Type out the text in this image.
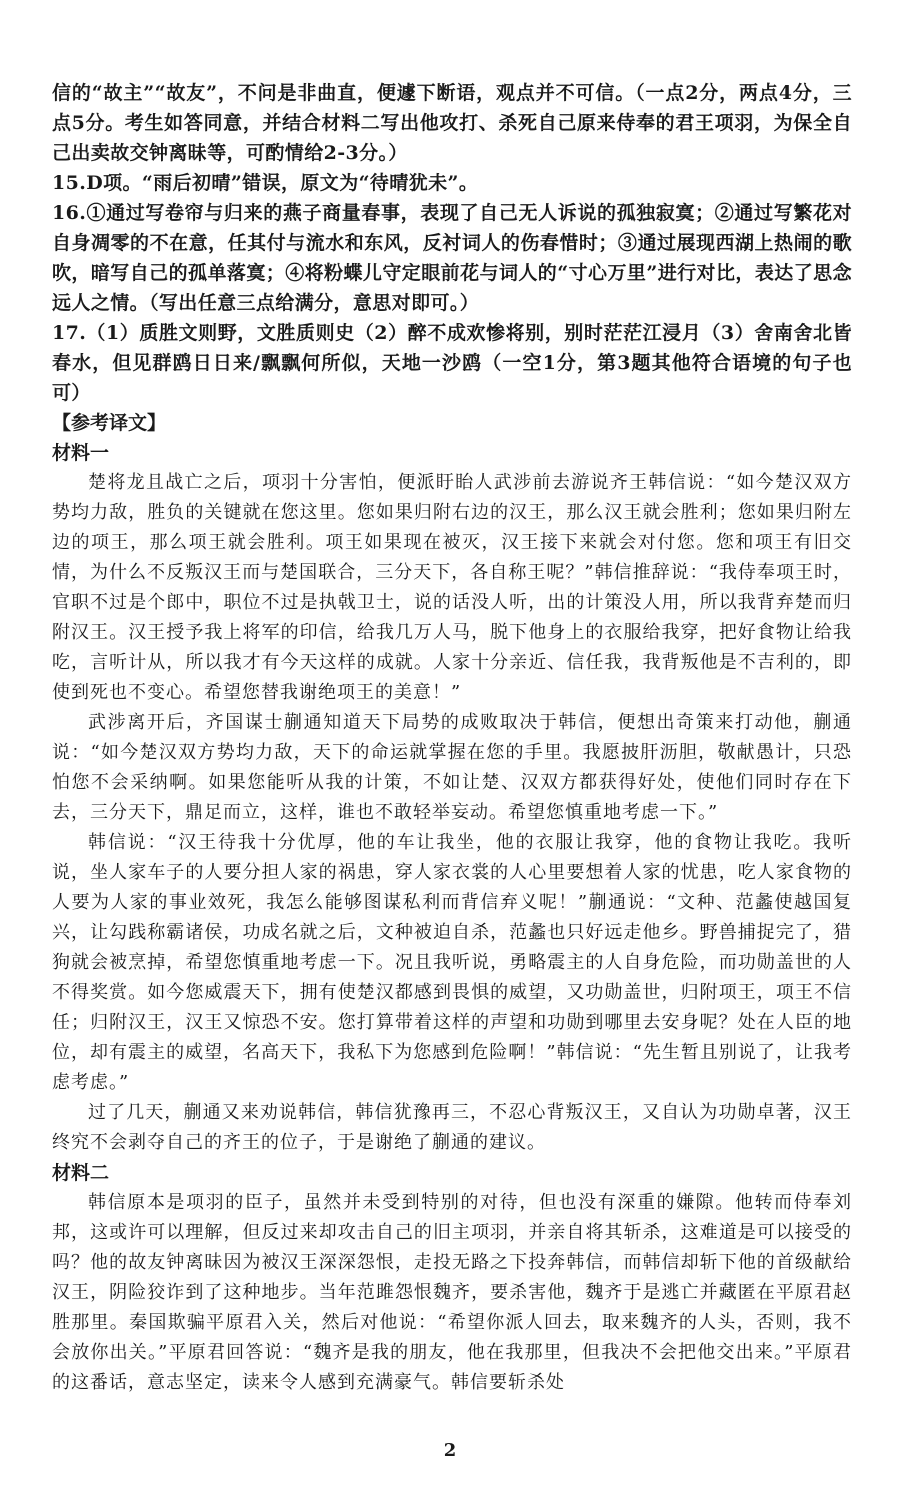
信的“故主”“故友”，不问是非曲直，便遽下断语，观点并不可信。（一点2分，两点4分，三点5分。考生如答同意，并结合材料二写出他攻打、杀死自己原来侍奉的君王项羽，为保全自己出卖故交钟离昧等，可酌情给2-3分。）

15.D项。“雨后初晴”错误，原文为“待晴犹未”。

16.①通过写卷帘与归来的燕子商量春事，表现了自己无人诉说的孤独寂寞；②通过写繁花对自身凋零的不在意，任其付与流水和东风，反衬词人的伤春惜时；③通过展现西湖上热闹的歌吹，暗写自己的孤单落寞；④将粉蝶儿守定眼前花与词人的“寸心万里”进行对比，表达了思念远人之情。（写出任意三点给满分，意思对即可。）

17.（1）质胜文则野，文胜质则史（2）醉不成欢惨将别，别时茫茫江浸月（3）舍南舍北皆春水，但见群鸥日日来/飘飘何所似，天地一沙鸥（一空1分，第3题其他符合语境的句子也可）

【参考译文】
材料一

楚将龙且战亡之后，项羽十分害怕，便派盱眙人武涉前去游说齐王韩信说：“如今楚汉双方势均力敌，胜负的关键就在您这里。您如果归附右边的汉王，那么汉王就会胜利；您如果归附左边的项王，那么项王就会胜利。项王如果现在被灭，汉王接下来就会对付您。您和项王有旧交情，为什么不反叛汉王而与楚国联合，三分天下，各自称王呢？”韩信推辞说：“我侍奉项王时，官职不过是个郎中，职位不过是执戟卫士，说的话没人听，出的计策没人用，所以我背弃楚而归附汉王。汉王授予我上将军的印信，给我几万人马，脱下他身上的衣服给我穿，把好食物让给我吃，言听计从，所以我才有今天这样的成就。人家十分亲近、信任我，我背叛他是不吉利的，即使到死也不变心。希望您替我谢绝项王的美意！”

武涉离开后，齐国谋士蒯通知道天下局势的成败取决于韩信，便想出奇策来打动他，蒯通说：“如今楚汉双方势均力敌，天下的命运就掌握在您的手里。我愿披肝沥胆，敬献愚计，只恐怕您不会采纳啊。如果您能听从我的计策，不如让楚、汉双方都获得好处，使他们同时存在下去，三分天下，鼎足而立，这样，谁也不敢轻举妄动。希望您慎重地考虑一下。”

韩信说：“汉王待我十分优厚，他的车让我坐，他的衣服让我穿，他的食物让我吃。我听说，坐人家车子的人要分担人家的祸患，穿人家衣裳的人心里要想着人家的忧患，吃人家食物的人要为人家的事业效死，我怎么能够图谋私利而背信弃义呢！”蒯通说：“文种、范蠡使越国复兴，让勾践称霸诸侯，功成名就之后，文种被迫自杀，范蠡也只好远走他乡。野兽捕捉完了，猎狗就会被烹掉，希望您慎重地考虑一下。况且我听说，勇略震主的人自身危险，而功勋盖世的人不得奖赏。如今您威震天下，拥有使楚汉都感到畏惧的威望，又功勋盖世，归附项王，项王不信任；归附汉王，汉王又惊恐不安。您打算带着这样的声望和功勋到哪里去安身呢？处在人臣的地位，却有震主的威望，名高天下，我私下为您感到危险啊！”韩信说：“先生暂且别说了，让我考虑考虑。”

过了几天，蒯通又来劝说韩信，韩信犹豫再三，不忍心背叛汉王，又自认为功勋卓著，汉王终究不会剥夺自己的齐王的位子，于是谢绝了蒯通的建议。

材料二

韩信原本是项羽的臣子，虽然并未受到特别的对待，但也没有深重的嫌隙。他转而侍奉刘邦，这或许可以理解，但反过来却攻击自己的旧主项羽，并亲自将其斩杀，这难道是可以接受的吗？他的故友钟离昧因为被汉王深深怨恨，走投无路之下投奔韩信，而韩信却斩下他的首级献给汉王，阴险狡诈到了这种地步。当年范雎怨恨魏齐，要杀害他，魏齐于是逃亡并藏匿在平原君赵胜那里。秦国欺骗平原君入关，然后对他说：“希望你派人回去，取来魏齐的人头，否则，我不会放你出关。”平原君回答说：“魏齐是我的朋友，他在我那里，但我决不会把他交出来。”平原君的这番话，意志坚定，读来令人感到充满豪气。韩信要斩杀处

2
